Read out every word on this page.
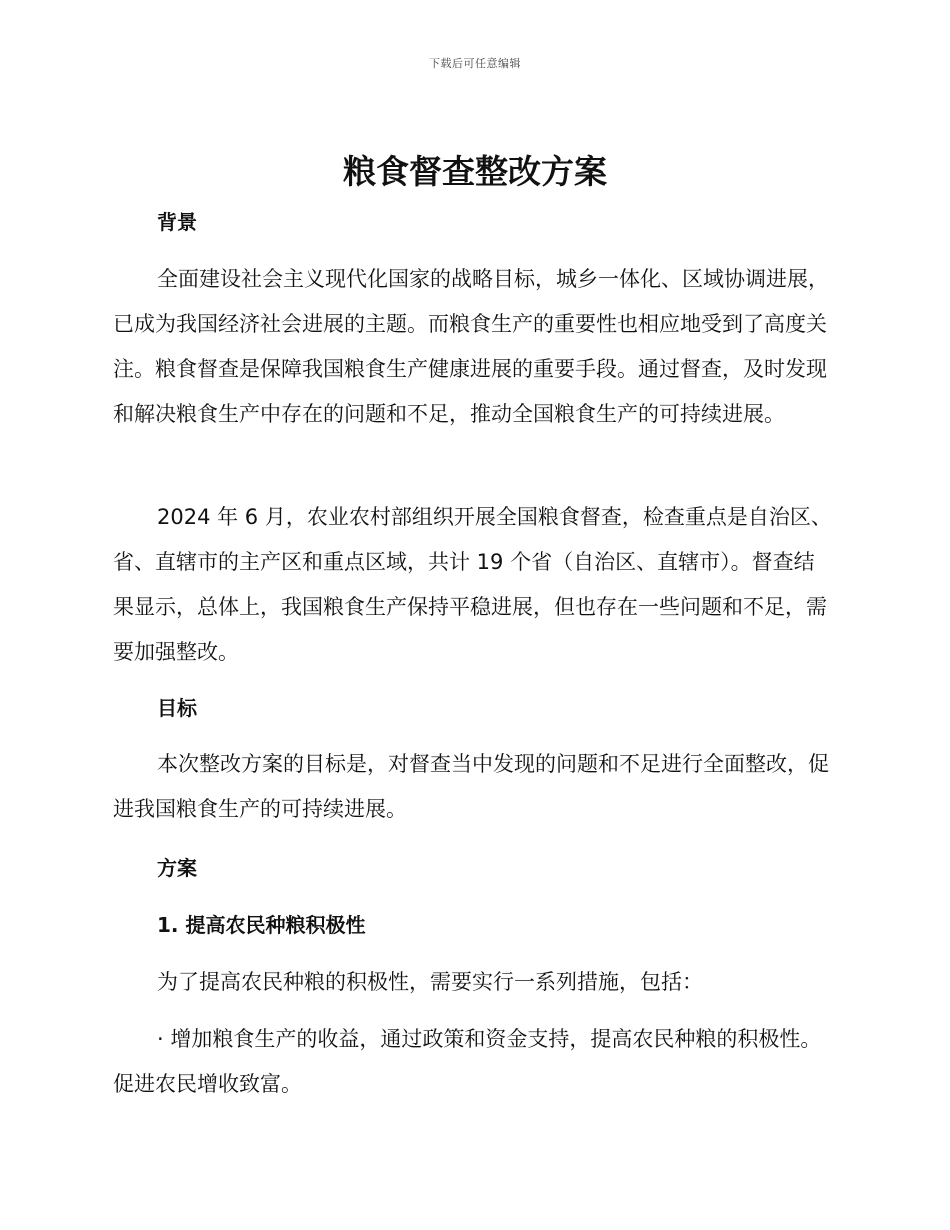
下载后可任意编辑
粮食督查整改方案
背景

全面建设社会主义现代化国家的战略目标，城乡一体化、区域协调进展，已成为我国经济社会进展的主题。而粮食生产的重要性也相应地受到了高度关注。粮食督查是保障我国粮食生产健康进展的重要手段。通过督查，及时发现和解决粮食生产中存在的问题和不足，推动全国粮食生产的可持续进展。

2024 年 6 月，农业农村部组织开展全国粮食督查，检查重点是自治区、省、直辖市的主产区和重点区域，共计 19 个省（自治区、直辖市）。督查结果显示，总体上，我国粮食生产保持平稳进展，但也存在一些问题和不足，需要加强整改。

目标

本次整改方案的目标是，对督查当中发现的问题和不足进行全面整改，促进我国粮食生产的可持续进展。

方案
1. 提高农民种粮积极性

为了提高农民种粮的积极性，需要实行一系列措施，包括：

· 增加粮食生产的收益，通过政策和资金支持，提高农民种粮的积极性。促进农民增收致富。
